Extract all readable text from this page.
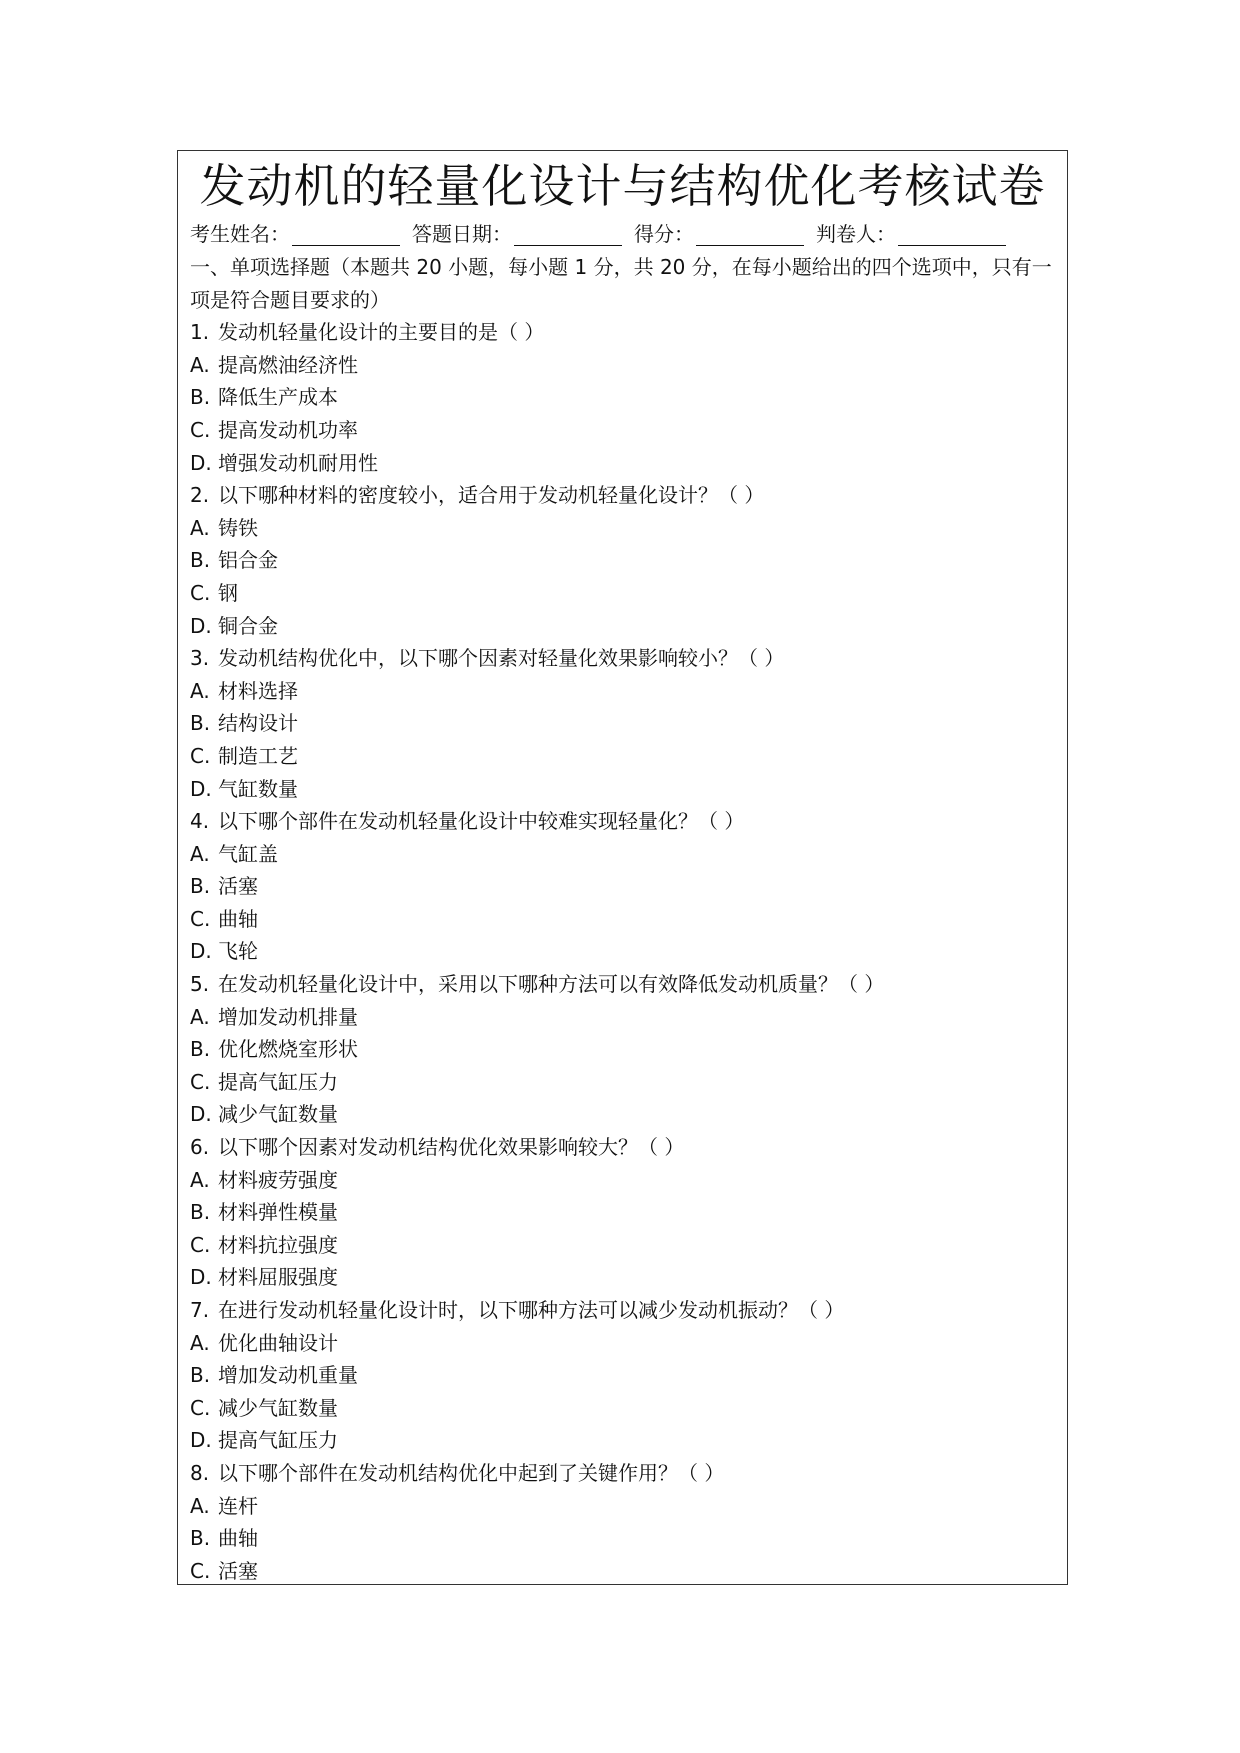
发动机的轻量化设计与结构优化考核试卷
考生姓名：	答题日期：	得分：	判卷人：
一、单项选择题（本题共 20 小题，每小题 1 分，共 20 分，在每小题给出的四个选项中，只有一项是符合题目要求的）
1. 发动机轻量化设计的主要目的是（ ）
A. 提高燃油经济性
B. 降低生产成本
C. 提高发动机功率
D. 增强发动机耐用性
2. 以下哪种材料的密度较小，适合用于发动机轻量化设计？（ ）
A. 铸铁
B. 铝合金
C. 钢
D. 铜合金
3. 发动机结构优化中，以下哪个因素对轻量化效果影响较小？（ ）
A. 材料选择
B. 结构设计
C. 制造工艺
D. 气缸数量
4. 以下哪个部件在发动机轻量化设计中较难实现轻量化？（ ）
A. 气缸盖
B. 活塞
C. 曲轴
D. 飞轮
5. 在发动机轻量化设计中，采用以下哪种方法可以有效降低发动机质量？（ ）
A. 增加发动机排量
B. 优化燃烧室形状
C. 提高气缸压力
D. 减少气缸数量
6. 以下哪个因素对发动机结构优化效果影响较大？（ ）
A. 材料疲劳强度
B. 材料弹性模量
C. 材料抗拉强度
D. 材料屈服强度
7. 在进行发动机轻量化设计时，以下哪种方法可以减少发动机振动？（ ）
A. 优化曲轴设计
B. 增加发动机重量
C. 减少气缸数量
D. 提高气缸压力
8. 以下哪个部件在发动机结构优化中起到了关键作用？（ ）
A. 连杆
B. 曲轴
C. 活塞
